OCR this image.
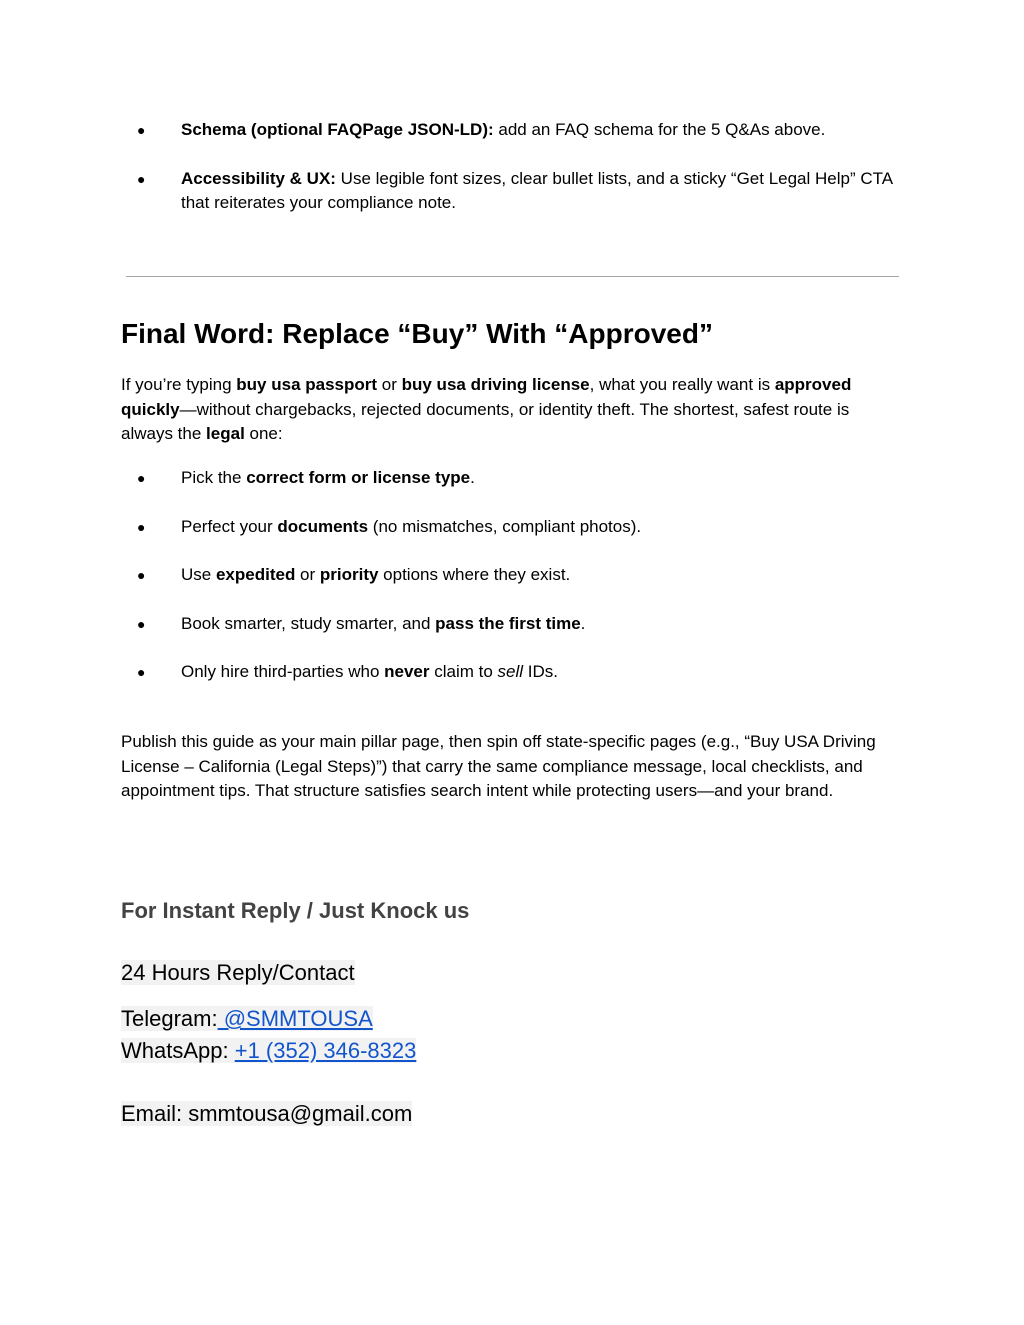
● Schema (optional FAQPage JSON-LD): add an FAQ schema for the 5 Q&As above.
● Accessibility & UX: Use legible font sizes, clear bullet lists, and a sticky “Get Legal Help” CTA that reiterates your compliance note.
Final Word: Replace “Buy” With “Approved”

If you’re typing buy usa passport or buy usa driving license, what you really want is approved quickly—without chargebacks, rejected documents, or identity theft. The shortest, safest route is always the legal one:

● Pick the correct form or license type.
● Perfect your documents (no mismatches, compliant photos).
● Use expedited or priority options where they exist.
● Book smarter, study smarter, and pass the first time.
● Only hire third-parties who never claim to sell IDs.

Publish this guide as your main pillar page, then spin off state-specific pages (e.g., “Buy USA Driving License – California (Legal Steps)”) that carry the same compliance message, local checklists, and appointment tips. That structure satisfies search intent while protecting users—and your brand.

For Instant Reply / Just Knock us
24 Hours Reply/Contact
Telegram: @SMMTOUSA
WhatsApp: +1 (352) 346-8323
Email: smmtousa@gmail.com
